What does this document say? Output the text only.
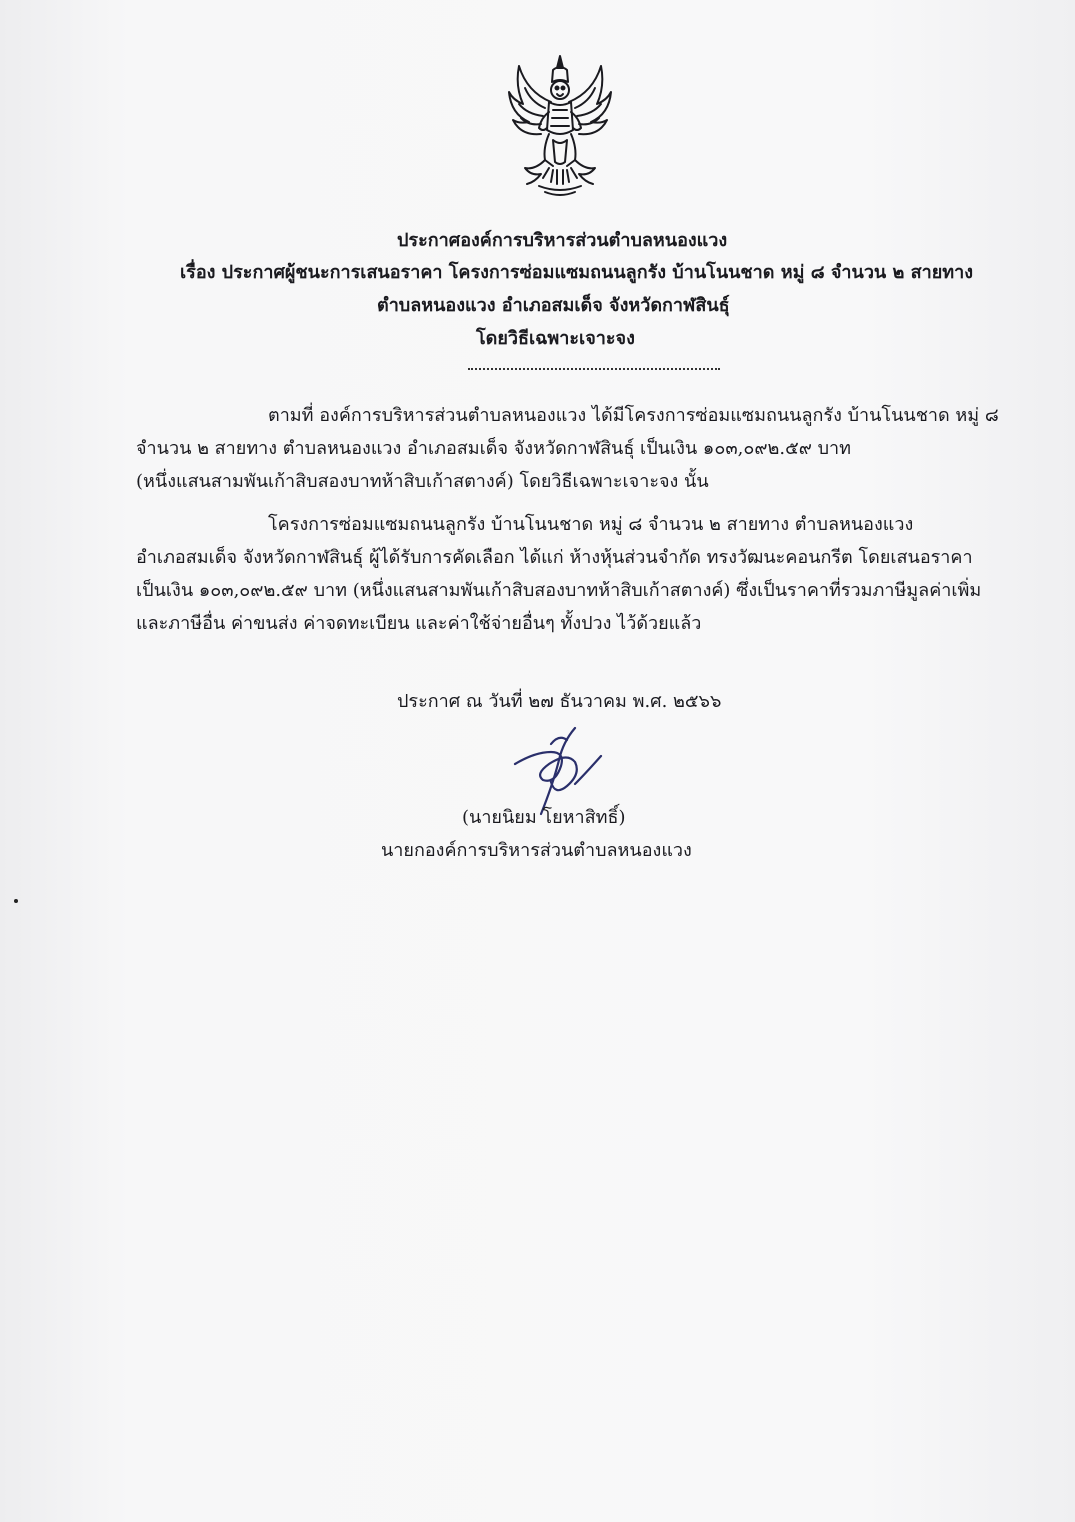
ประกาศองค์การบริหารส่วนตำบลหนองแวง
เรื่อง ประกาศผู้ชนะการเสนอราคา โครงการซ่อมแซมถนนลูกรัง บ้านโนนชาด หมู่ ๘ จำนวน ๒ สายทาง
ตำบลหนองแวง อำเภอสมเด็จ จังหวัดกาฬสินธุ์
โดยวิธีเฉพาะเจาะจง
ตามที่ องค์การบริหารส่วนตำบลหนองแวง ได้มีโครงการซ่อมแซมถนนลูกรัง บ้านโนนชาด หมู่ ๘
จำนวน ๒ สายทาง ตำบลหนองแวง อำเภอสมเด็จ จังหวัดกาฬสินธุ์ เป็นเงิน ๑๐๓,๐๙๒.๕๙ บาท
(หนึ่งแสนสามพันเก้าสิบสองบาทห้าสิบเก้าสตางค์) โดยวิธีเฉพาะเจาะจง นั้น
โครงการซ่อมแซมถนนลูกรัง บ้านโนนชาด หมู่ ๘ จำนวน ๒ สายทาง ตำบลหนองแวง
อำเภอสมเด็จ จังหวัดกาฬสินธุ์ ผู้ได้รับการคัดเลือก ได้แก่ ห้างหุ้นส่วนจำกัด ทรงวัฒนะคอนกรีต โดยเสนอราคา
เป็นเงิน ๑๐๓,๐๙๒.๕๙ บาท (หนึ่งแสนสามพันเก้าสิบสองบาทห้าสิบเก้าสตางค์) ซึ่งเป็นราคาที่รวมภาษีมูลค่าเพิ่ม
และภาษีอื่น ค่าขนส่ง ค่าจดทะเบียน และค่าใช้จ่ายอื่นๆ ทั้งปวง ไว้ด้วยแล้ว
ประกาศ ณ วันที่ ๒๗ ธันวาคม พ.ศ. ๒๕๖๖
(นายนิยม โยหาสิทธิ์)
นายกองค์การบริหารส่วนตำบลหนองแวง
